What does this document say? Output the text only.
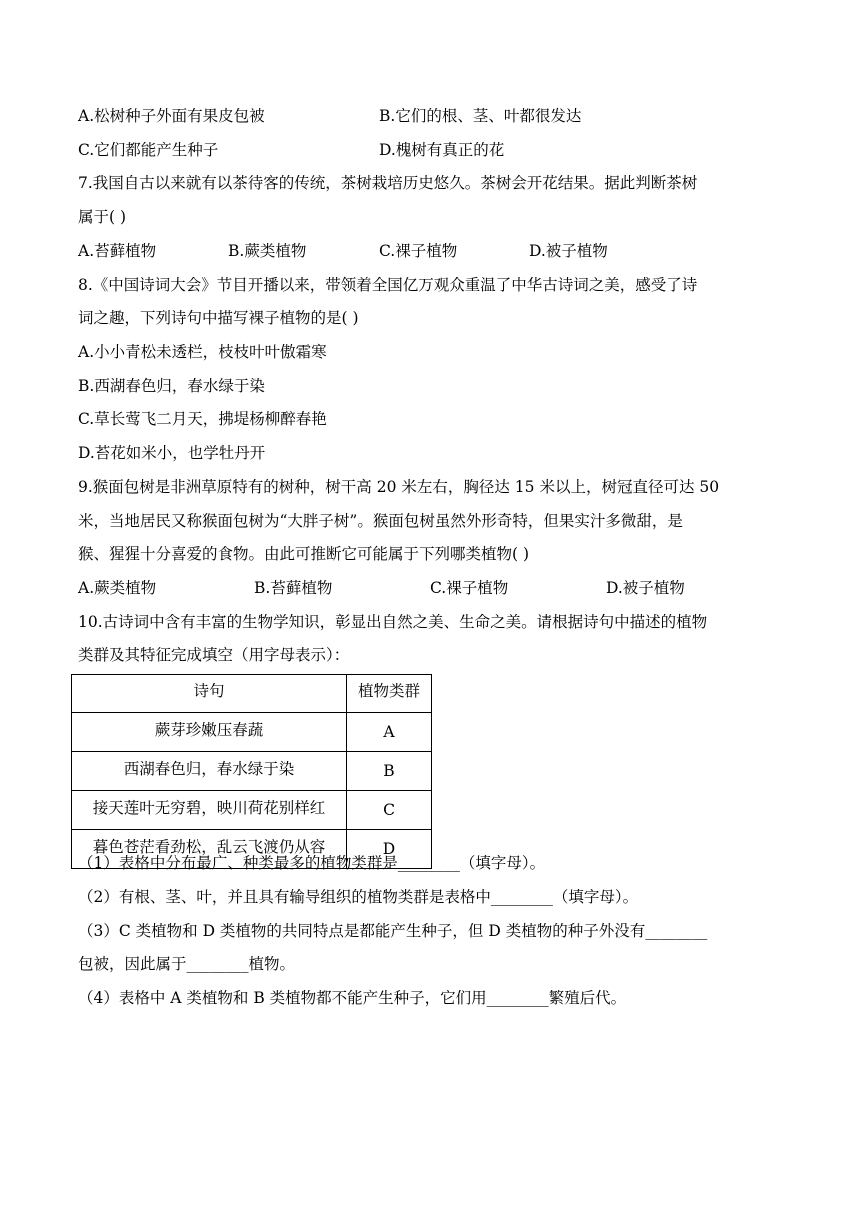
A.松树种子外面有果皮包被	B.它们的根、茎、叶都很发达
C.它们都能产生种子	D.槐树有真正的花
7.我国自古以来就有以茶待客的传统，茶树栽培历史悠久。茶树会开花结果。据此判断茶树
属于( )
A.苔藓植物	B.蕨类植物	C.裸子植物	D.被子植物
8.《中国诗词大会》节目开播以来，带领着全国亿万观众重温了中华古诗词之美，感受了诗
词之趣，下列诗句中描写裸子植物的是( )
A.小小青松未透栏，枝枝叶叶傲霜寒
B.西湖春色归，春水绿于染
C.草长莺飞二月天，拂堤杨柳醉春艳
D.苔花如米小，也学牡丹开
9.猴面包树是非洲草原特有的树种，树干高 20 米左右，胸径达 15 米以上，树冠直径可达 50
米，当地居民又称猴面包树为“大胖子树”。猴面包树虽然外形奇特，但果实汁多微甜，是
猴、猩猩十分喜爱的食物。由此可推断它可能属于下列哪类植物( )
A.蕨类植物	B.苔藓植物	C.裸子植物	D.被子植物
10.古诗词中含有丰富的生物学知识，彰显出自然之美、生命之美。请根据诗句中描述的植物
类群及其特征完成填空（用字母表示）：
诗句	植物类群
蕨芽珍嫩压春蔬	A
西湖春色归，春水绿于染	B
接天莲叶无穷碧，映川荷花别样红	C
暮色苍茫看劲松，乱云飞渡仍从容	D
（1）表格中分布最广、种类最多的植物类群是________（填字母）。
（2）有根、茎、叶，并且具有输导组织的植物类群是表格中________（填字母）。
（3）C 类植物和 D 类植物的共同特点是都能产生种子，但 D 类植物的种子外没有________
包被，因此属于________植物。
（4）表格中 A 类植物和 B 类植物都不能产生种子，它们用________繁殖后代。
